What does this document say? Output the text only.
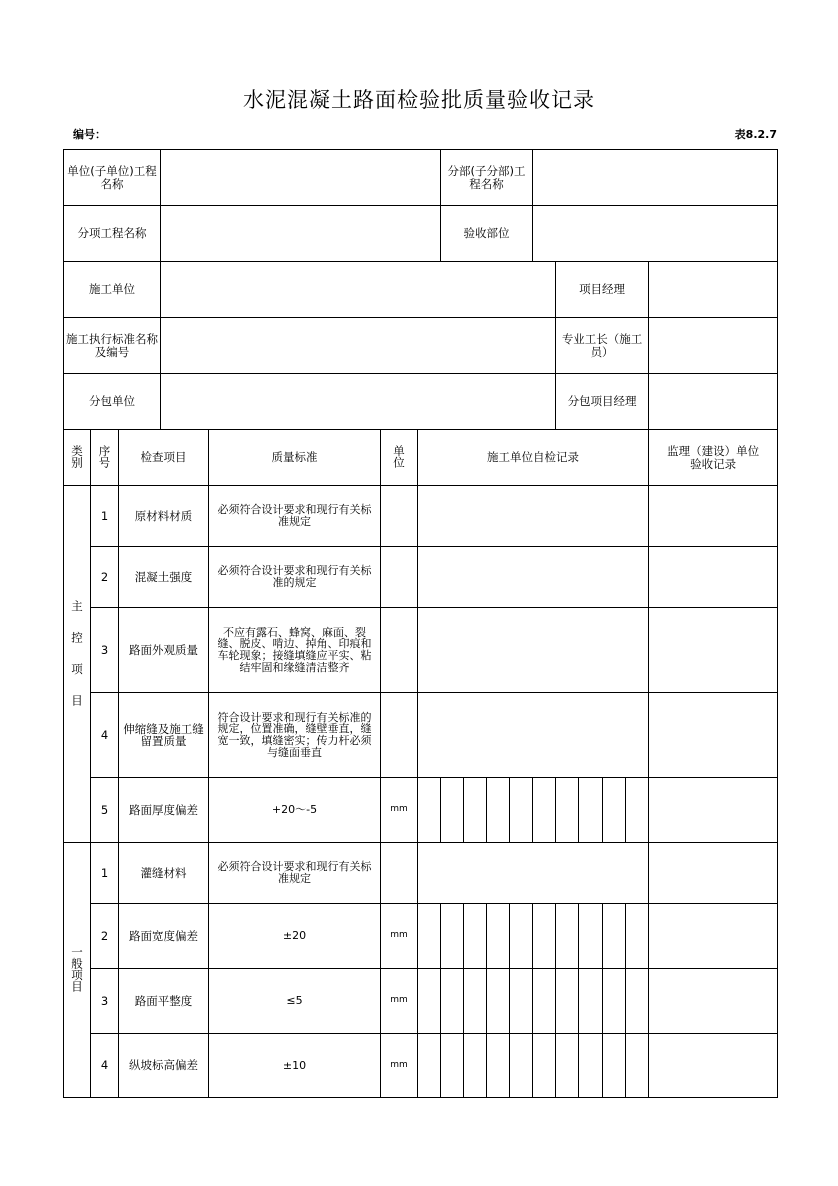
水泥混凝土路面检验批质量验收记录
编号：	表8.2.7
单位(子单位)工程名称							分部(子分部)工程名称									
分项工程名称							验收部位									
施工单位												项目经理				
施工执行标准名称及编号												专业工长（施工员）				
分包单位												分包项目经理				
类别	序号	检查项目		质量标准	单位	施工单位自检记录										监理（建设）单位验收记录
主控项目	1	原材料材质		必须符合设计要求和现行有关标准规定												
	2	混凝土强度		必须符合设计要求和现行有关标准的规定												
	3	路面外观质量		不应有露石、蜂窝、麻面、裂缝、脱皮、啃边、掉角、印痕和车轮现象；接缝填缝应平实、粘结牢固和缘缝清洁整齐												
	4	伸缩缝及施工缝留置质量		符合设计要求和现行有关标准的规定，位置准确，缝壁垂直，缝宽一致，填缝密实；传力杆必须与缝面垂直												
	5	路面厚度偏差		+20～-5	mm											
一般项目	1	灌缝材料		必须符合设计要求和现行有关标准规定												
	2	路面宽度偏差		±20	mm											
	3	路面平整度		≤5	mm											
	4	纵坡标高偏差		±10	mm											
